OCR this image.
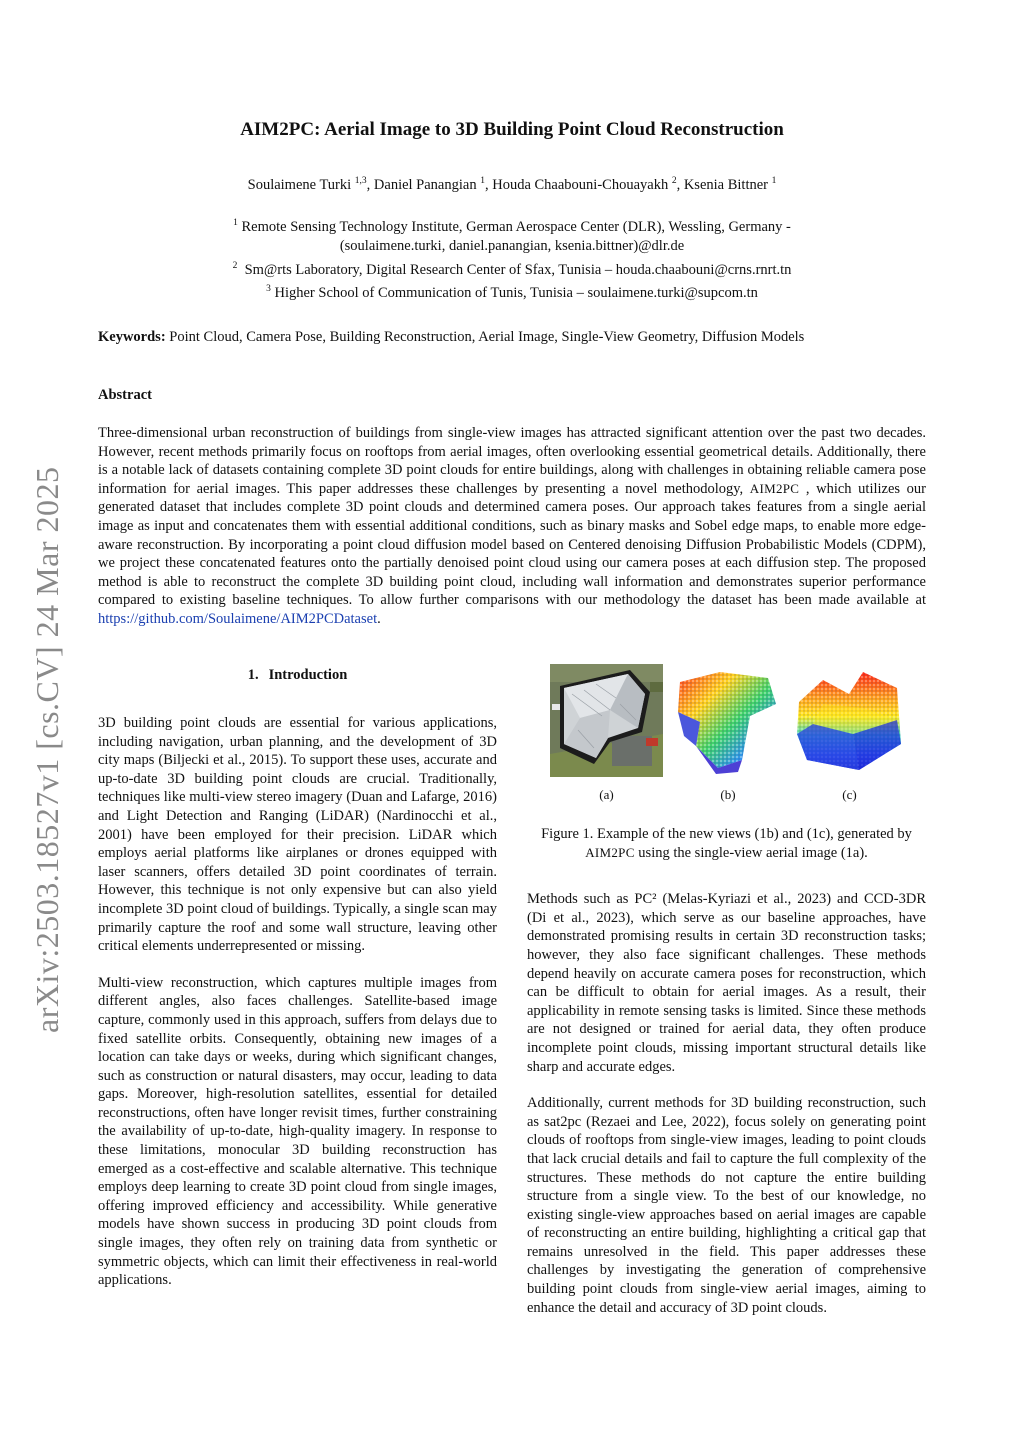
arXiv:2503.18527v1 [cs.CV] 24 Mar 2025
AIM2PC: Aerial Image to 3D Building Point Cloud Reconstruction
Soulaimene Turki $^{1,3}$, Daniel Panangian $^1$, Houda Chaabouni-Chouayakh $^2$, Ksenia Bittner $^1$
$^1$ Remote Sensing Technology Institute, German Aerospace Center (DLR), Wessling, Germany -
(soulaimene.turki, daniel.panangian, ksenia.bittner)@dlr.de
$^2$ Sm@rts Laboratory, Digital Research Center of Sfax, Tunisia – houda.chaabouni@crns.rnrt.tn
$^3$ Higher School of Communication of Tunis, Tunisia – soulaimene.turki@supcom.tn
Keywords: Point Cloud, Camera Pose, Building Reconstruction, Aerial Image, Single-View Geometry, Diffusion Models
Abstract

Three-dimensional urban reconstruction of buildings from single-view images has attracted significant attention over the past two decades. However, recent methods primarily focus on rooftops from aerial images, often overlooking essential geometrical details. Additionally, there is a notable lack of datasets containing complete 3D point clouds for entire buildings, along with challenges in obtaining reliable camera pose information for aerial images. This paper addresses these challenges by presenting a novel methodology, AIM2PC , which utilizes our generated dataset that includes complete 3D point clouds and determined camera poses. Our approach takes features from a single aerial image as input and concatenates them with essential additional conditions, such as binary masks and Sobel edge maps, to enable more edge-aware reconstruction. By incorporating a point cloud diffusion model based on Centered denoising Diffusion Probabilistic Models (CDPM), we project these concatenated features onto the partially denoised point cloud using our camera poses at each diffusion step. The proposed method is able to reconstruct the complete 3D building point cloud, including wall information and demonstrates superior performance compared to existing baseline techniques. To allow further comparisons with our methodology the dataset has been made available at https://github.com/Soulaimene/AIM2PCDataset.

1. Introduction

3D building point clouds are essential for various applications, including navigation, urban planning, and the development of 3D city maps (Biljecki et al., 2015). To support these uses, accurate and up-to-date 3D building point clouds are crucial. Traditionally, techniques like multi-view stereo imagery (Duan and Lafarge, 2016) and Light Detection and Ranging (LiDAR) (Nardinocchi et al., 2001) have been employed for their precision. LiDAR which employs aerial platforms like airplanes or drones equipped with laser scanners, offers detailed 3D point coordinates of terrain. However, this technique is not only expensive but can also yield incomplete 3D point cloud of buildings. Typically, a single scan may primarily capture the roof and some wall structure, leaving other critical elements underrepresented or missing.

Multi-view reconstruction, which captures multiple images from different angles, also faces challenges. Satellite-based image capture, commonly used in this approach, suffers from delays due to fixed satellite orbits. Consequently, obtaining new images of a location can take days or weeks, during which significant changes, such as construction or natural disasters, may occur, leading to data gaps. Moreover, high-resolution satellites, essential for detailed reconstructions, often have longer revisit times, further constraining the availability of up-to-date, high-quality imagery. In response to these limitations, monocular 3D building reconstruction has emerged as a cost-effective and scalable alternative. This technique employs deep learning to create 3D point cloud from single images, offering improved efficiency and accessibility. While generative models have shown success in producing 3D point clouds from single images, they often rely on training data from synthetic or symmetric objects, which can limit their effectiveness in real-world applications.

(a)	(b)	(c)
Figure 1. Example of the new views (1b) and (1c), generated by
AIM2PC using the single-view aerial image (1a).

Methods such as PC² (Melas-Kyriazi et al., 2023) and CCD-3DR (Di et al., 2023), which serve as our baseline approaches, have demonstrated promising results in certain 3D reconstruction tasks; however, they also face significant challenges. These methods depend heavily on accurate camera poses for reconstruction, which can be difficult to obtain for aerial images. As a result, their applicability in remote sensing tasks is limited. Since these methods are not designed or trained for aerial data, they often produce incomplete point clouds, missing important structural details like sharp and accurate edges.

Additionally, current methods for 3D building reconstruction, such as sat2pc (Rezaei and Lee, 2022), focus solely on generating point clouds of rooftops from single-view images, leading to point clouds that lack crucial details and fail to capture the full complexity of the structures. These methods do not capture the entire building structure from a single view. To the best of our knowledge, no existing single-view approaches based on aerial images are capable of reconstructing an entire building, highlighting a critical gap that remains unresolved in the field. This paper addresses these challenges by investigating the generation of comprehensive building point clouds from single-view aerial images, aiming to enhance the detail and accuracy of 3D point clouds.
